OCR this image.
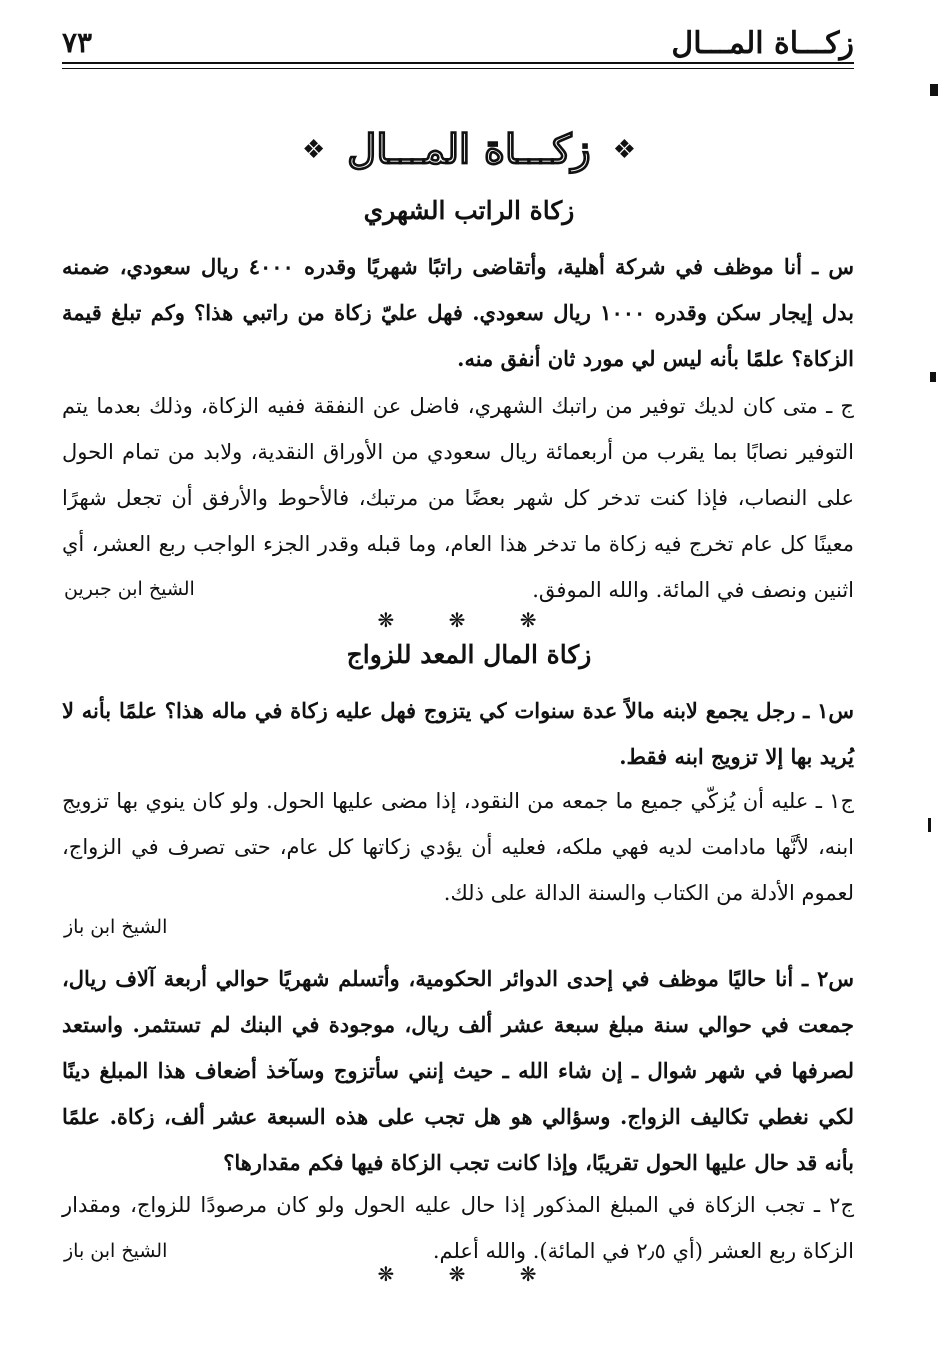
زكـــاة المـــال
٧٣
❖
زكـــاة المـــال
❖
زكاة الراتب الشهري
س ـ أنا موظف في شركة أهلية، وأتقاضى راتبًا شهريًا وقدره ٤٠٠٠ ريال سعودي، ضمنه بدل إيجار سكن وقدره ١٠٠٠ ريال سعودي. فهل عليّ زكاة من راتبي هذا؟ وكم تبلغ قيمة الزكاة؟ علمًا بأنه ليس لي مورد ثان أنفق منه.
ج ـ متى كان لديك توفير من راتبك الشهري، فاضل عن النفقة ففيه الزكاة، وذلك بعدما يتم التوفير نصابًا بما يقرب من أربعمائة ريال سعودي من الأوراق النقدية، ولابد من تمام الحول على النصاب، فإذا كنت تدخر كل شهر بعضًا من مرتبك، فالأحوط والأرفق أن تجعل شهرًا معينًا كل عام تخرج فيه زكاة ما تدخر هذا العام، وما قبله وقدر الجزء الواجب ربع العشر، أي اثنين ونصف في المائة. والله الموفق.
الشيخ ابن جبرين
❋ ❋ ❋
زكاة المال المعد للزواج
س١ ـ رجل يجمع لابنه مالاً عدة سنوات كي يتزوج فهل عليه زكاة في ماله هذا؟ علمًا بأنه لا يُريد بها إلا تزويج ابنه فقط.
ج١ ـ عليه أن يُزكّي جميع ما جمعه من النقود، إذا مضى عليها الحول. ولو كان ينوي بها تزويج ابنه، لأنَّها مادامت لديه فهي ملكه، فعليه أن يؤدي زكاتها كل عام، حتى تصرف في الزواج، لعموم الأدلة من الكتاب والسنة الدالة على ذلك.
الشيخ ابن باز
س٢ ـ أنا حاليًا موظف في إحدى الدوائر الحكومية، وأتسلم شهريًا حوالي أربعة آلاف ريال، جمعت في حوالي سنة مبلغ سبعة عشر ألف ريال، موجودة في البنك لم تستثمر. واستعد لصرفها في شهر شوال ـ إن شاء الله ـ حيث إنني سأتزوج وسآخذ أضعاف هذا المبلغ دينًا لكي نغطي تكاليف الزواج. وسؤالي هو هل تجب على هذه السبعة عشر ألف، زكاة. علمًا بأنه قد حال عليها الحول تقريبًا، وإذا كانت تجب الزكاة فيها فكم مقدارها؟
ج٢ ـ تجب الزكاة في المبلغ المذكور إذا حال عليه الحول ولو كان مرصودًا للزواج، ومقدار الزكاة ربع العشر (أي ٢٫٥ في المائة). والله أعلم.
الشيخ ابن باز
❋ ❋ ❋
